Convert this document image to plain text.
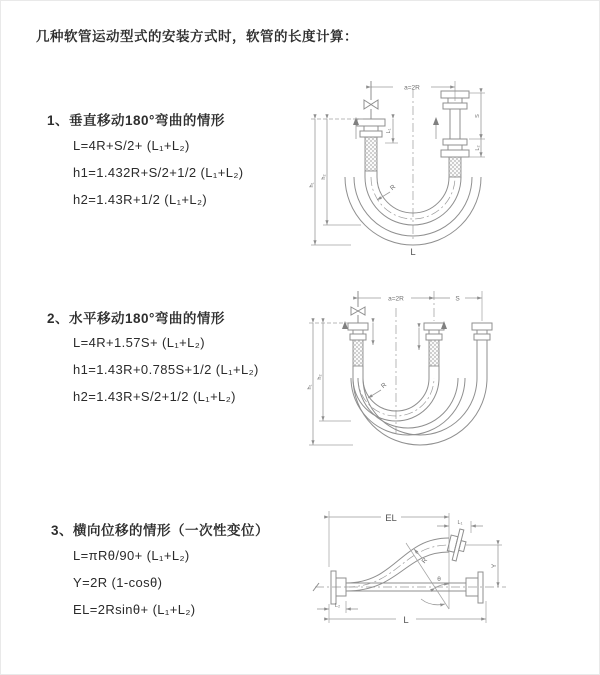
几种软管运动型式的安装方式时，软管的长度计算：
1、垂直移动180°弯曲的情形
L=4R+S/2+ (L₁+L₂)
h1=1.432R+S/2+1/2 (L₁+L₂)
h2=1.43R+1/2 (L₁+L₂)
2、水平移动180°弯曲的情形
L=4R+1.57S+ (L₁+L₂)
h1=1.43R+0.785S+1/2 (L₁+L₂)
h2=1.43R+S/2+1/2 (L₁+L₂)
3、横向位移的情形（一次性变位）
L=πRθ/90+ (L₁+L₂)
Y=2R (1-cosθ)
EL=2Rsinθ+ (L₁+L₂)
a=2R
L₁
S
L₂
h₁
h₂
R
L
a=2R	S
h₁
h₂
R
EL	L₁
Y
R
θ
L
L₂
